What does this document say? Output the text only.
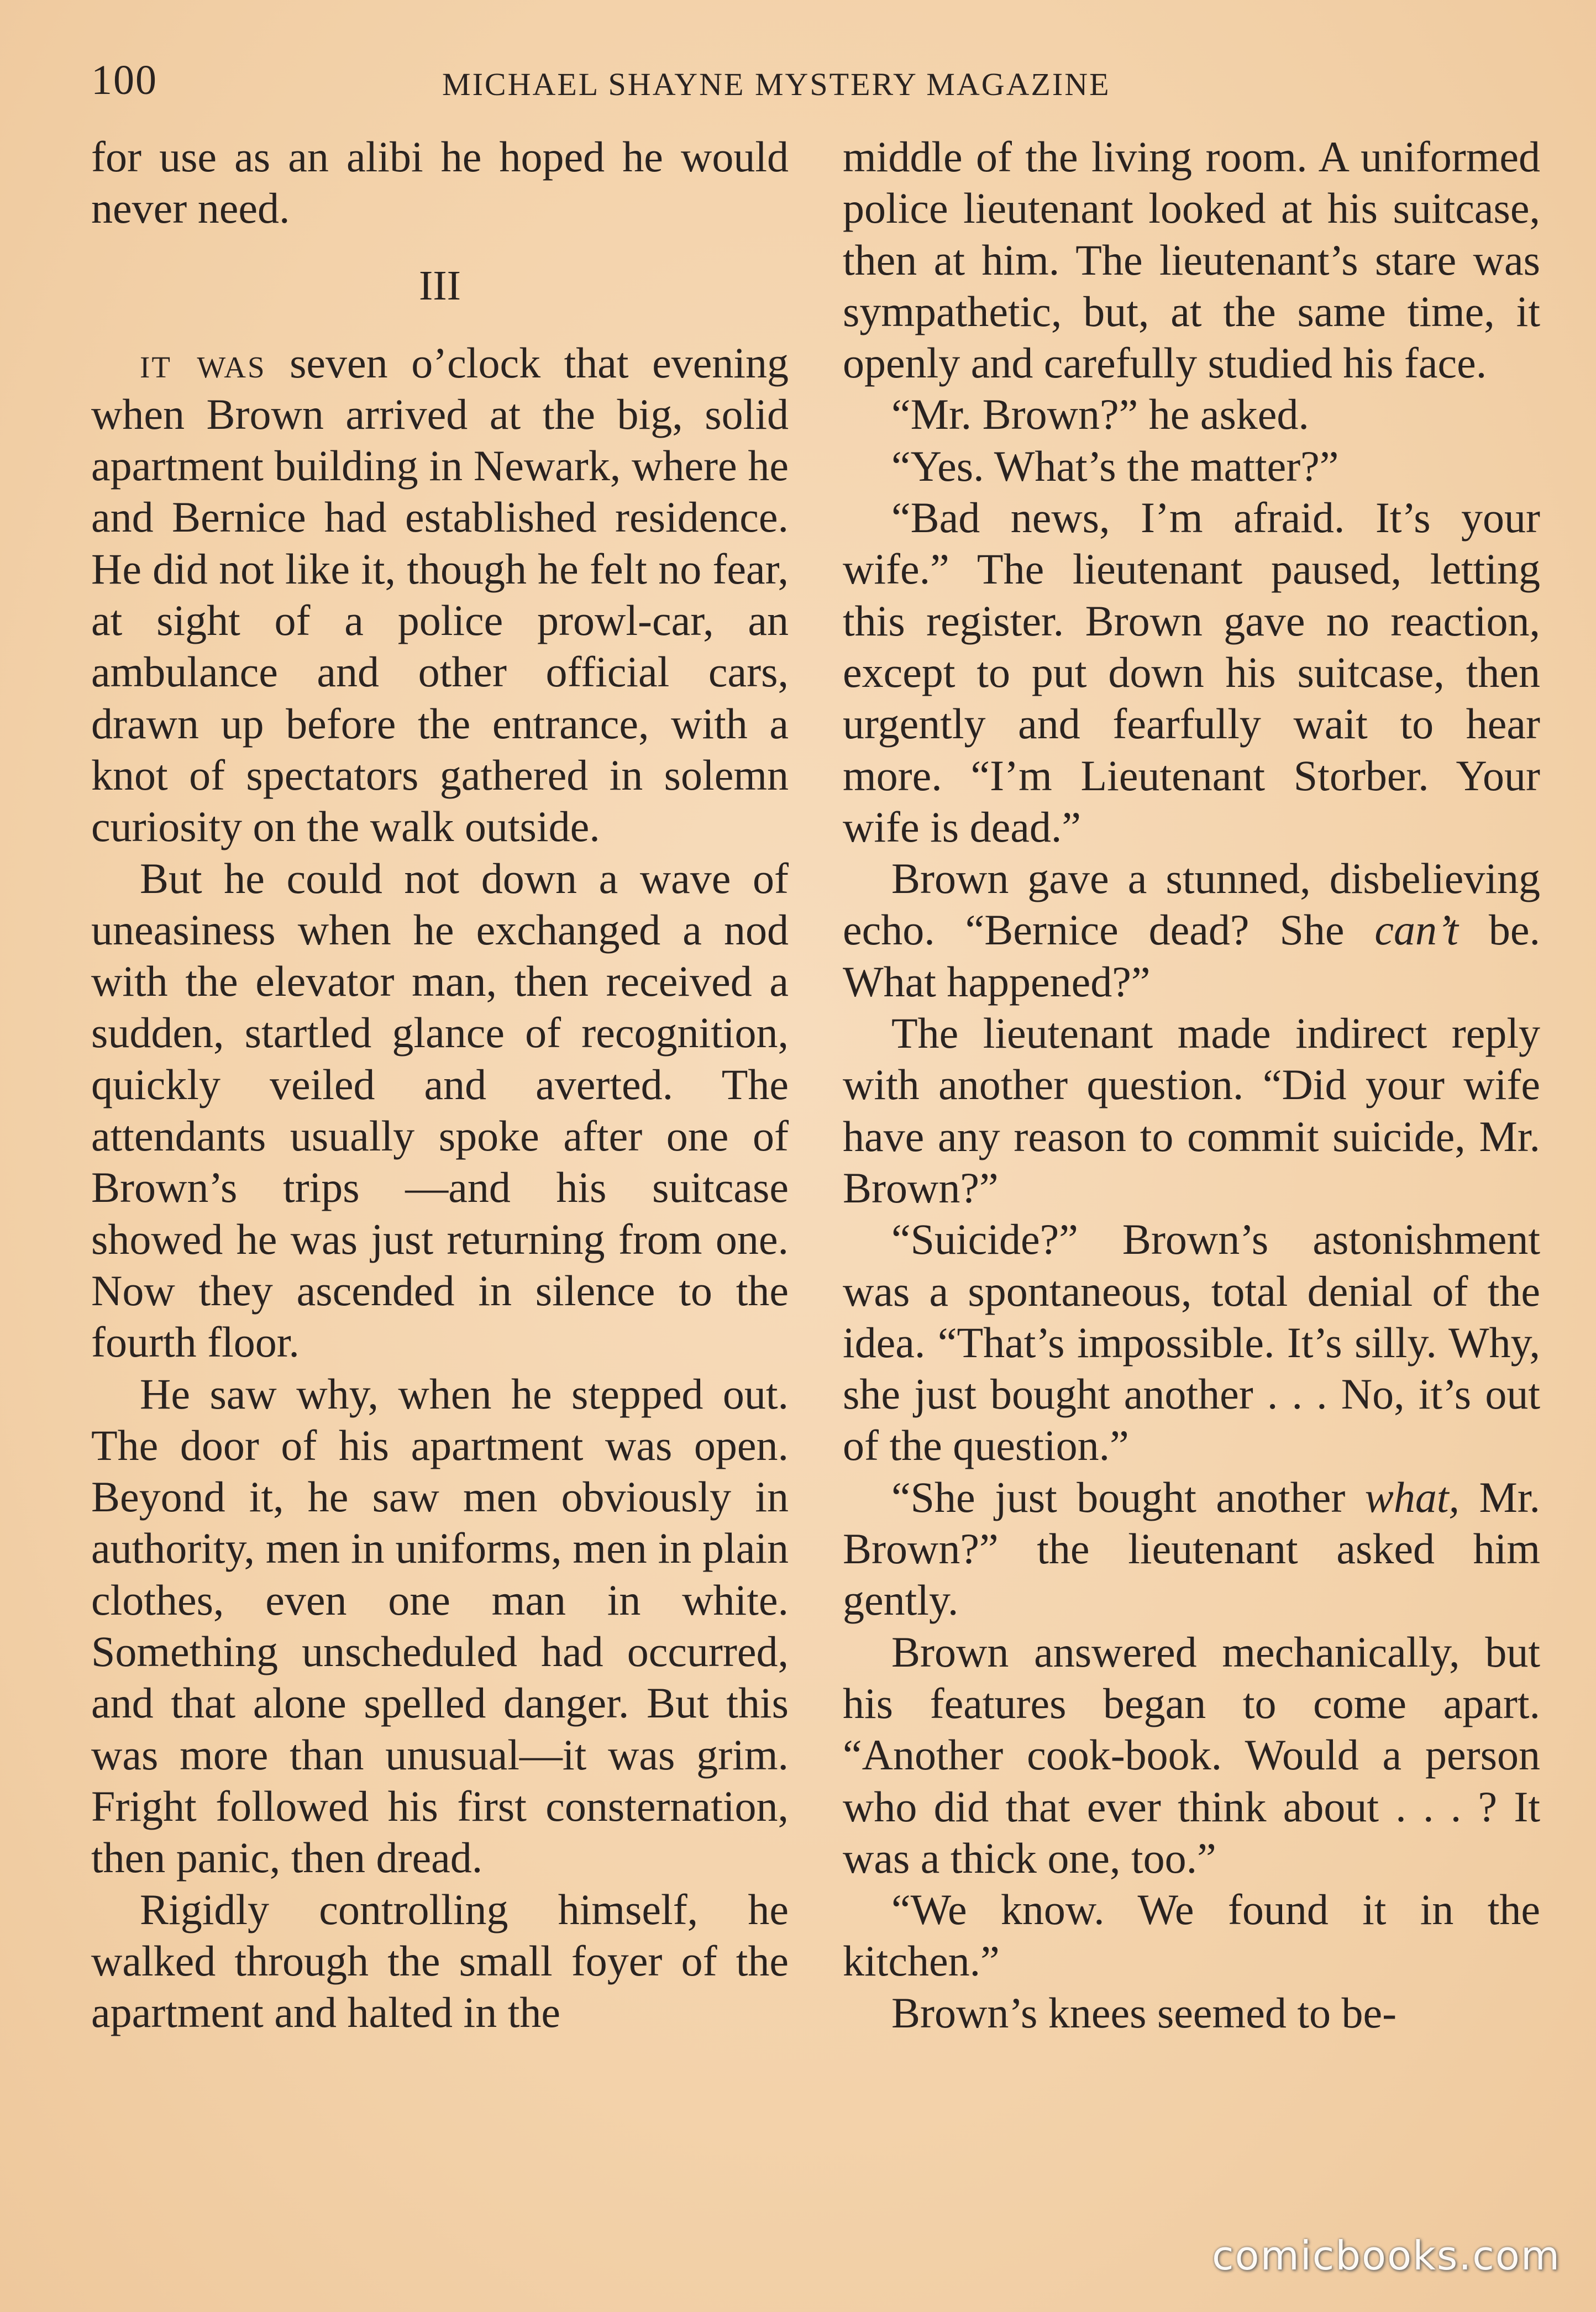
100	MICHAEL SHAYNE MYSTERY MAGAZINE

for use as an alibi he hoped he would never need.

III

it was seven o’clock that evening when Brown arrived at the big, solid apartment building in Newark, where he and Bernice had established residence. He did not like it, though he felt no fear, at sight of a police prowl-car, an ambulance and other official cars, drawn up before the entrance, with a knot of spectators gathered in solemn curiosity on the walk outside.

But he could not down a wave of uneasiness when he exchanged a nod with the elevator man, then received a sudden, startled glance of recognition, quickly veiled and averted. The attendants usually spoke after one of Brown’s trips —and his suitcase showed he was just returning from one. Now they ascended in silence to the fourth floor.

He saw why, when he stepped out. The door of his apartment was open. Beyond it, he saw men obviously in authority, men in uniforms, men in plain clothes, even one man in white. Something unscheduled had occurred, and that alone spelled danger. But this was more than unusual—it was grim. Fright followed his first consternation, then panic, then dread.

Rigidly controlling himself, he walked through the small foyer of the apartment and halted in the

middle of the living room. A uniformed police lieutenant looked at his suitcase, then at him. The lieutenant’s stare was sympathetic, but, at the same time, it openly and carefully studied his face.

“Mr. Brown?” he asked.

“Yes. What’s the matter?”

“Bad news, I’m afraid. It’s your wife.” The lieutenant paused, letting this register. Brown gave no reaction, except to put down his suitcase, then urgently and fearfully wait to hear more. “I’m Lieutenant Storber. Your wife is dead.”

Brown gave a stunned, disbelieving echo. “Bernice dead? She can’t be. What happened?”

The lieutenant made indirect reply with another question. “Did your wife have any reason to commit suicide, Mr. Brown?”

“Suicide?” Brown’s astonishment was a spontaneous, total denial of the idea. “That’s impossible. It’s silly. Why, she just bought another . . . No, it’s out of the question.”

“She just bought another what, Mr. Brown?” the lieutenant asked him gently.

Brown answered mechanically, but his features began to come apart. “Another cook-book. Would a person who did that ever think about . . . ? It was a thick one, too.”

“We know. We found it in the kitchen.”

Brown’s knees seemed to be-

comicbooks.com
